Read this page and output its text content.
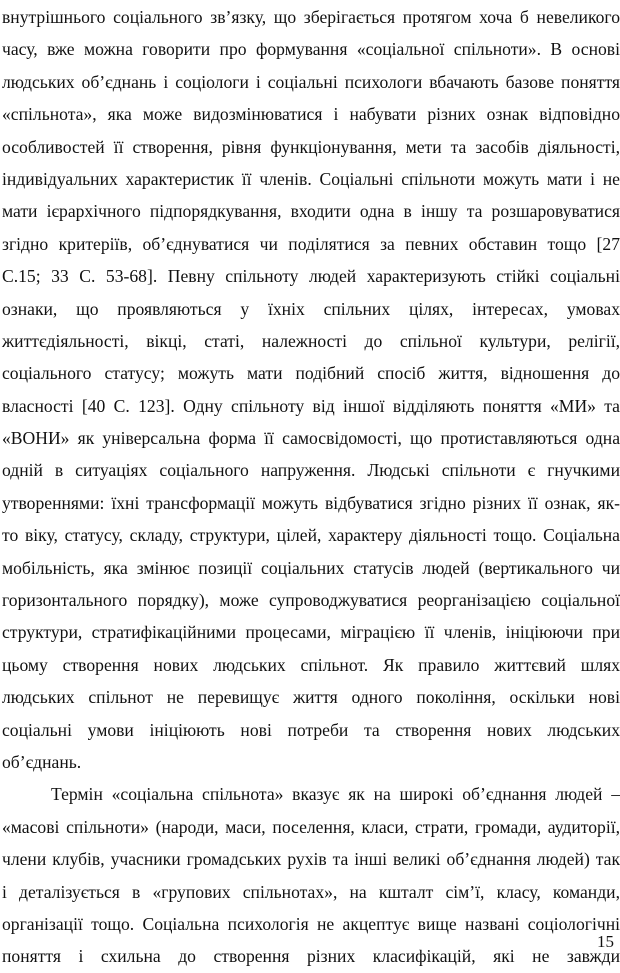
внутрішнього соціального зв’язку, що зберігається протягом хоча б невеликого
часу, вже можна говорити про формування «соціальної спільноти». В основі
людських об’єднань і соціологи і соціальні психологи вбачають базове поняття
«спільнота», яка може видозмінюватися і набувати різних ознак відповідно
особливостей її створення, рівня функціонування, мети та засобів діяльності,
індивідуальних характеристик її членів. Соціальні спільноти можуть мати і не
мати ієрархічного підпорядкування, входити одна в іншу та розшаровуватися
згідно критеріїв, об’єднуватися чи поділятися за певних обставин тощо [27
С.15; 33 С. 53-68]. Певну спільноту людей характеризують стійкі соціальні
ознаки, що проявляються у їхніх спільних цілях, інтересах, умовах
життєдіяльності, вікці, статі, належності до спільної культури, релігії,
соціального статусу; можуть мати подібний спосіб життя, відношення до
власності [40 С. 123]. Одну спільноту від іншої відділяють поняття «МИ» та
«ВОНИ» як універсальна форма її самосвідомості, що протиставляються одна
одній в ситуаціях соціального напруження. Людські спільноти є гнучкими
утвореннями: їхні трансформації можуть відбуватися згідно різних її ознак, як-
то віку, статусу, складу, структури, цілей, характеру діяльності тощо. Соціальна
мобільність, яка змінює позиції соціальних статусів людей (вертикального чи
горизонтального порядку), може супроводжуватися реорганізацією соціальної
структури, стратифікаційними процесами, міграцією її членів, ініціюючи при
цьому створення нових людських спільнот. Як правило життєвий шлях
людських спільнот не перевищує життя одного покоління, оскільки нові
соціальні умови ініціюють нові потреби та створення нових людських
об’єднань.
Термін «соціальна спільнота» вказує як на широкі об’єднання людей –
«масові спільноти» (народи, маси, поселення, класи, страти, громади, аудиторії,
члени клубів, учасники громадських рухів та інші великі об’єднання людей) так
і деталізується в «групових спільнотах», на кшталт сім’ї, класу, команди,
організації тощо. Соціальна психологія не акцептує вище названі соціологічні
поняття і схильна до створення різних класифікацій, які не завжди
15
